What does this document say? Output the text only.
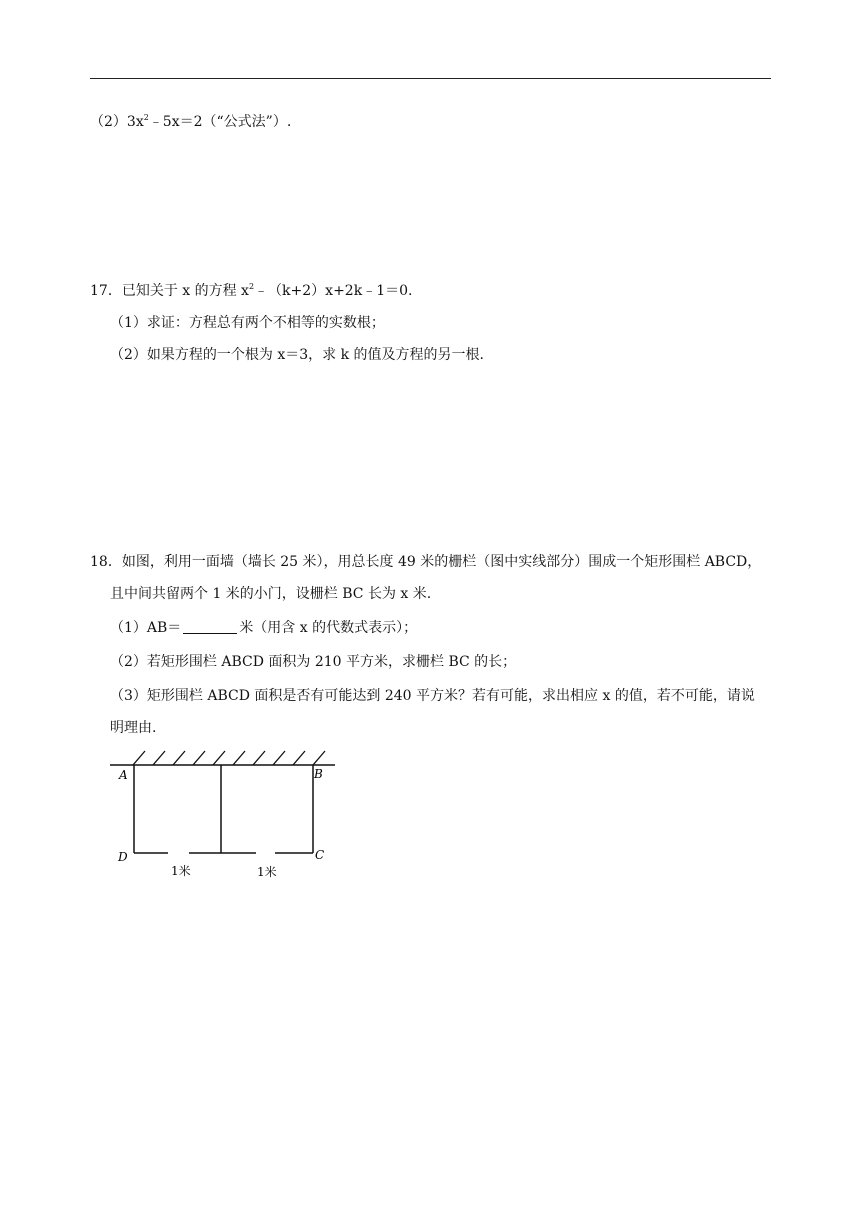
$(2)3x^2﹣5x=2(“$公式法”）.
17．已知关于 x 的方程 $x^2﹣(k+2)x+2k﹣1=0$.
（1）求证：方程总有两个不相等的实数根；
（2）如果方程的一个根为 x＝3，求 k 的值及方程的另一根.
18．如图，利用一面墙（墙长 25 米），用总长度 49 米的栅栏（图中实线部分）围成一个矩形围栏 ABCD，
且中间共留两个 1 米的小门，设栅栏 BC 长为 x 米.
（1）AB＝	米（用含 x 的代数式表示）；
（2）若矩形围栏 ABCD 面积为 210 平方米，求栅栏 BC 的长；
（3）矩形围栏 ABCD 面积是否有可能达到 240 平方米？若有可能，求出相应 x 的值，若不可能，请说
明理由.
A	B
D	C
1米	1米
